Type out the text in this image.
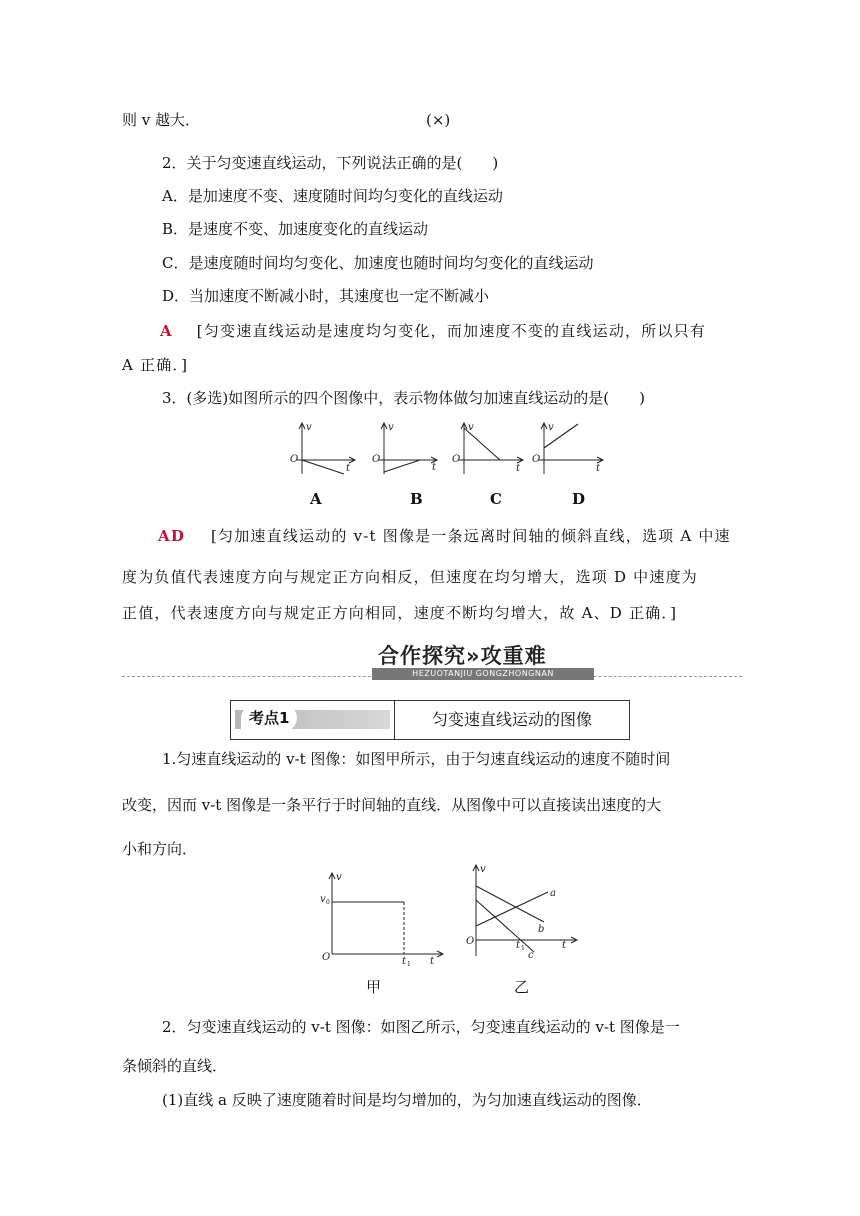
则 v 越大．	(×)
2．关于匀变速直线运动，下列说法正确的是(　　)
A．是加速度不变、速度随时间均匀变化的直线运动
B．是速度不变、加速度变化的直线运动
C．是速度随时间均匀变化、加速度也随时间均匀变化的直线运动
D．当加速度不断减小时，其速度也一定不断减小
A [匀变速直线运动是速度均匀变化，而加速度不变的直线运动，所以只有
A 正确．]
3．(多选)如图所示的四个图像中，表示物体做匀加速直线运动的是(　　)
v
O
t
v
O
t
v
O
t
v
O
t
A	B	C	D
AD [匀加速直线运动的 v-t 图像是一条远离时间轴的倾斜直线，选项 A 中速
度为负值代表速度方向与规定正方向相反，但速度在均匀增大，选项 D 中速度为
正值，代表速度方向与规定正方向相同，速度不断均匀增大，故 A、D 正确．]
合作探究»攻重难
HEZUOTANJIU GONGZHONGNAN
考点1	匀变速直线运动的图像
1.匀速直线运动的 v-t 图像：如图甲所示，由于匀速直线运动的速度不随时间
改变，因而 v-t 图像是一条平行于时间轴的直线．从图像中可以直接读出速度的大
小和方向．
v
v 0
O	t 1 t
甲
v
O	t 1	t
a
b
c
乙
2．匀变速直线运动的 v-t 图像：如图乙所示，匀变速直线运动的 v-t 图像是一
条倾斜的直线．
(1)直线 a 反映了速度随着时间是均匀增加的，为匀加速直线运动的图像．
